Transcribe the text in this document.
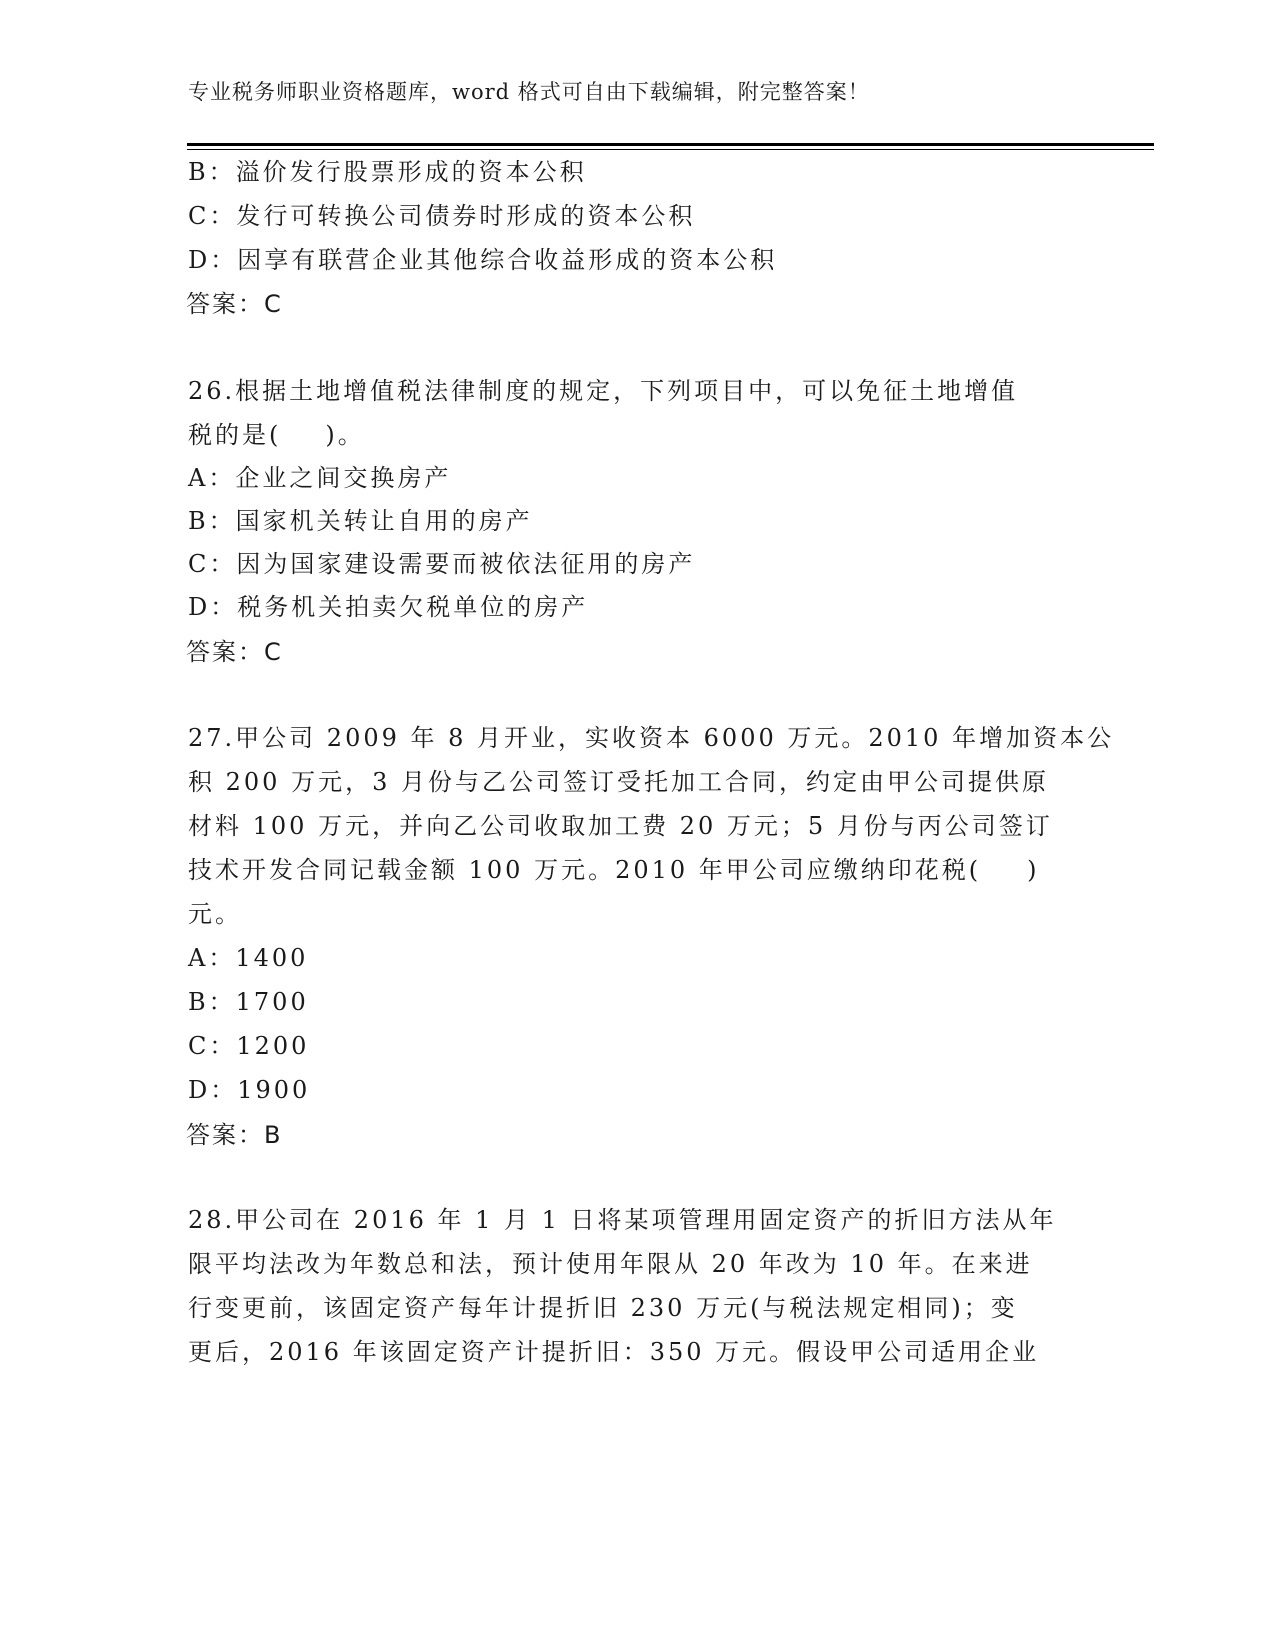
专业税务师职业资格题库，word 格式可自由下载编辑，附完整答案！
B：溢价发行股票形成的资本公积
C：发行可转换公司债券时形成的资本公积
D：因享有联营企业其他综合收益形成的资本公积
答案：C
26.根据土地增值税法律制度的规定，下列项目中，可以免征土地增值
税的是( )。
A：企业之间交换房产
B：国家机关转让自用的房产
C：因为国家建设需要而被依法征用的房产
D：税务机关拍卖欠税单位的房产
答案：C
27.甲公司 2009 年 8 月开业，实收资本 6000 万元。2010 年增加资本公
积 200 万元，3 月份与乙公司签订受托加工合同，约定由甲公司提供原
材料 100 万元，并向乙公司收取加工费 20 万元；5 月份与丙公司签订
技术开发合同记载金额 100 万元。2010 年甲公司应缴纳印花税( )
元。
A：1400
B：1700
C：1200
D：1900
答案：B
28.甲公司在 2016 年 1 月 1 日将某项管理用固定资产的折旧方法从年
限平均法改为年数总和法，预计使用年限从 20 年改为 10 年。在来进
行变更前，该固定资产每年计提折旧 230 万元(与税法规定相同)；变
更后，2016 年该固定资产计提折旧：350 万元。假设甲公司适用企业
